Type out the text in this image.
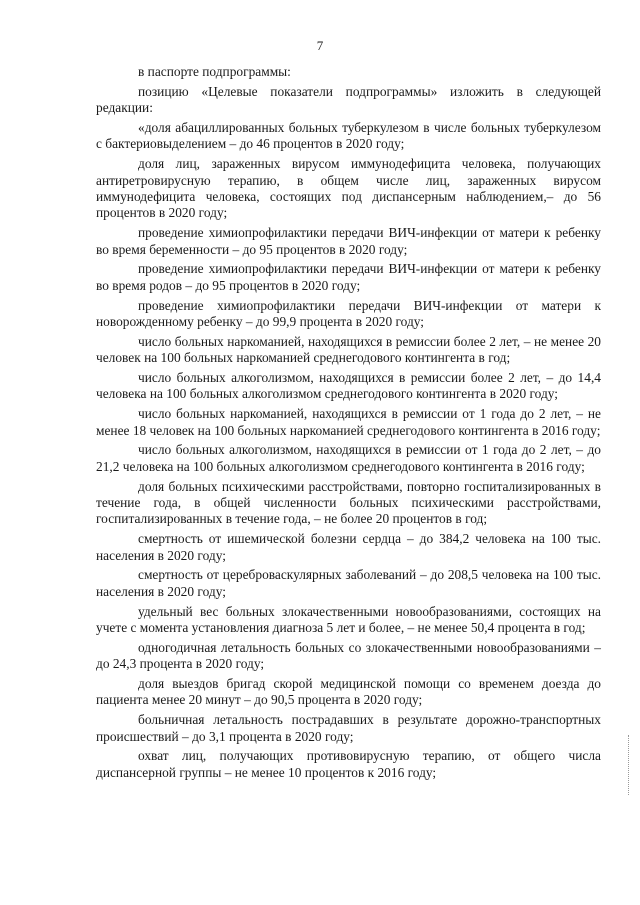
7

в паспорте подпрограммы:

позицию «Целевые показатели подпрограммы» изложить в следующей редакции:

«доля абациллированных больных туберкулезом в числе больных туберкулезом с бактериовыделением – до 46 процентов в 2020 году;

доля лиц, зараженных вирусом иммунодефицита человека, получающих антиретровирусную терапию, в общем числе лиц, зараженных вирусом иммунодефицита человека, состоящих под диспансерным наблюдением,– до 56 процентов в 2020 году;

проведение химиопрофилактики передачи ВИЧ-инфекции от матери к ребенку во время беременности – до 95 процентов в 2020 году;

проведение химиопрофилактики передачи ВИЧ-инфекции от матери к ребенку во время родов – до 95 процентов в 2020 году;

проведение химиопрофилактики передачи ВИЧ-инфекции от матери к новорожденному ребенку – до 99,9 процента в 2020 году;

число больных наркоманией, находящихся в ремиссии более 2 лет, – не менее 20 человек на 100 больных наркоманией среднегодового контингента в год;

число больных алкоголизмом, находящихся в ремиссии более 2 лет, – до 14,4 человека на 100 больных алкоголизмом среднегодового контингента в 2020 году;

число больных наркоманией, находящихся в ремиссии от 1 года до 2 лет, – не менее 18 человек на 100 больных наркоманией среднегодового контингента в 2016 году;

число больных алкоголизмом, находящихся в ремиссии от 1 года до 2 лет, – до 21,2 человека на 100 больных алкоголизмом среднегодового контингента в 2016 году;

доля больных психическими расстройствами, повторно госпитализированных в течение года, в общей численности больных психическими расстройствами, госпитализированных в течение года, – не более 20 процентов в год;

смертность от ишемической болезни сердца – до 384,2 человека на 100 тыс. населения в 2020 году;

смертность от цереброваскулярных заболеваний – до 208,5 человека на 100 тыс. населения в 2020 году;

удельный вес больных злокачественными новообразованиями, состоящих на учете с момента установления диагноза 5 лет и более, – не менее 50,4 процента в год;

одногодичная летальность больных со злокачественными новообразованиями – до 24,3 процента в 2020 году;

доля выездов бригад скорой медицинской помощи со временем доезда до пациента менее 20 минут – до 90,5 процента в 2020 году;

больничная летальность пострадавших в результате дорожно-транспортных происшествий – до 3,1 процента в 2020 году;

охват лиц, получающих противовирусную терапию, от общего числа диспансерной группы – не менее 10 процентов к 2016 году;
